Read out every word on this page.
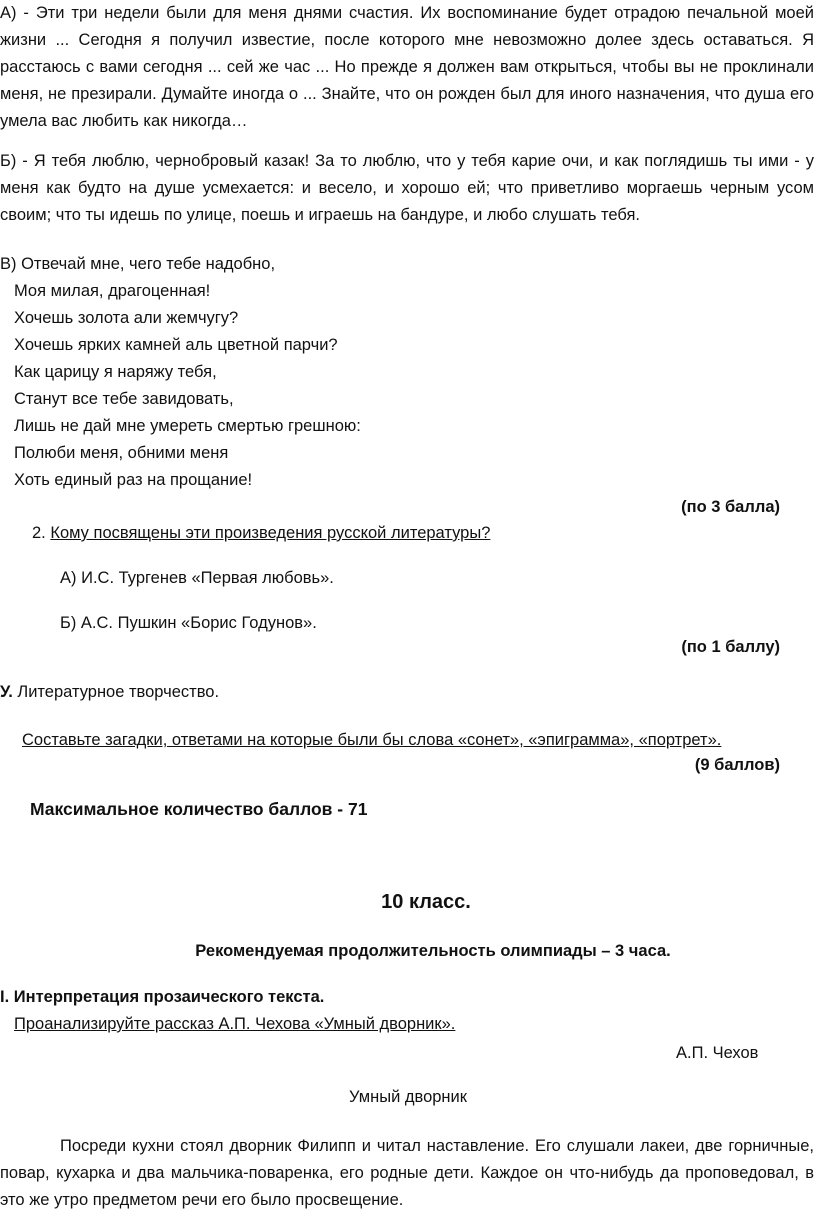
А) - Эти три недели были для меня днями счастия. Их воспоминание будет отрадою печальной моей жизни ... Сегодня я получил известие, после которого мне невозможно долее здесь оставаться. Я расстаюсь с вами сегодня ... сей же час ... Но прежде я должен вам открыться, чтобы вы не проклинали меня, не презирали. Думайте иногда о ... Знайте, что он рожден был для иного назначения, что душа его умела вас любить как никогда…
Б) - Я тебя люблю, чернобровый казак! За то люблю, что у тебя карие очи, и как поглядишь ты ими - у меня как будто на душе усмехается: и весело, и хорошо ей; что приветливо моргаешь черным усом своим; что ты идешь по улице, поешь и играешь на бандуре, и любо слушать тебя.
В) Отвечай мне, чего тебе надобно,
Моя милая, драгоценная!
Хочешь золота али жемчугу?
Хочешь ярких камней аль цветной парчи?
Как царицу я наряжу тебя,
Станут все тебе завидовать,
Лишь не дай мне умереть смертью грешною:
Полюби меня, обними меня
Хоть единый раз на прощание!
(по 3 балла)
2. Кому посвящены эти произведения русской литературы?
А) И.С. Тургенев «Первая любовь».
Б) А.С. Пушкин «Борис Годунов».
(по 1 баллу)
У. Литературное творчество.
Составьте загадки, ответами на которые были бы слова «сонет», «эпиграмма», «портрет».
(9 баллов)
Максимальное количество баллов - 71
10 класс.
Рекомендуемая продолжительность олимпиады – 3 часа.
I. Интерпретация прозаического текста.
Проанализируйте рассказ А.П. Чехова «Умный дворник».
А.П. Чехов
Умный дворник
Посреди кухни стоял дворник Филипп и читал наставление. Его слушали лакеи, две горничные, повар, кухарка и два мальчика-поваренка, его родные дети. Каждое он что-нибудь да проповедовал, в это же утро предметом речи его было просвещение.
